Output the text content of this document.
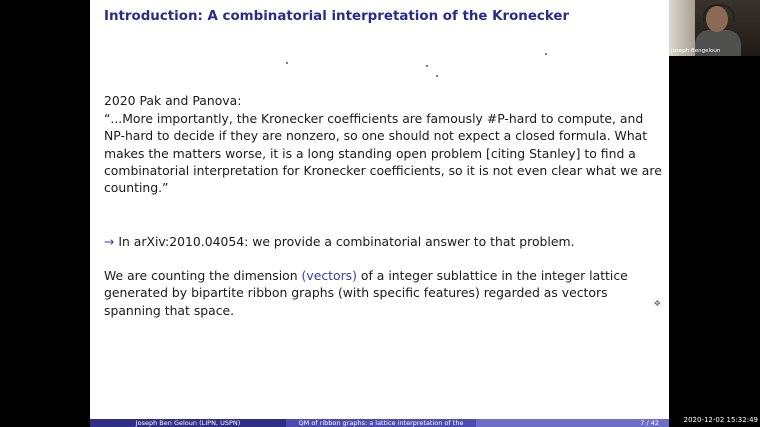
Introduction: A combinatorial interpretation of the Kronecker
2020 Pak and Panova:
“...More importantly, the Kronecker coefficients are famously #P-hard to compute, and NP-hard to decide if they are nonzero, so one should not expect a closed formula. What makes the matters worse, it is a long standing open problem [citing Stanley] to find a combinatorial interpretation for Kronecker coefficients, so it is not even clear what we are counting.”
→ In arXiv:2010.04054: we provide a combinatorial answer to that problem.
We are counting the dimension (vectors) of a integer sublattice in the integer lattice generated by bipartite ribbon graphs (with specific features) regarded as vectors spanning that space.	✥
Joseph Ben Geloun (LIPN, USPN)	QM of ribbon graphs: a lattice interpretation of the	7 / 42
Joseph Bengeloun
2020-12-02 15:32:49
